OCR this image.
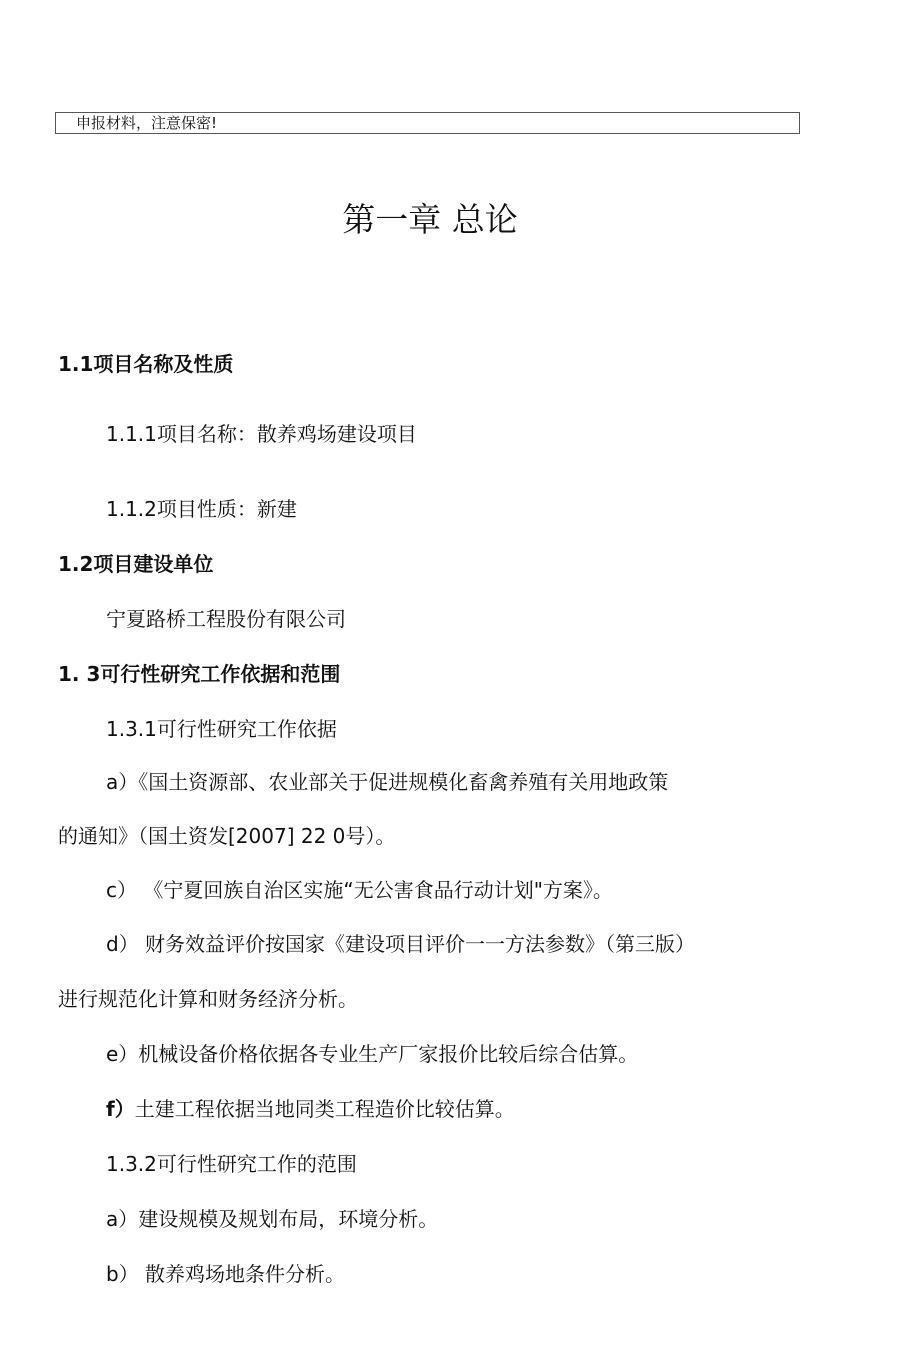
申报材料，注意保密!
第一章 总论
1.1项目名称及性质
1.1.1项目名称：散养鸡场建设项目
1.1.2项目性质：新建
1.2项目建设单位
宁夏路桥工程股份有限公司
1. 3可行性研究工作依据和范围
1.3.1可行性研究工作依据
a）《国土资源部、农业部关于促进规模化畜禽养殖有关用地政策
的通知》（国土资发[2007] 22 0号）。
c） 《宁夏回族自治区实施“无公害食品行动计划"方案》。
d） 财务效益评价按国家《建设项目评价一一方法参数》（第三版）
进行规范化计算和财务经济分析。
e）机械设备价格依据各专业生产厂家报价比较后综合估算。
f）土建工程依据当地同类工程造价比较估算。
1.3.2可行性研究工作的范围
a）建设规模及规划布局，环境分析。
b） 散养鸡场地条件分析。
